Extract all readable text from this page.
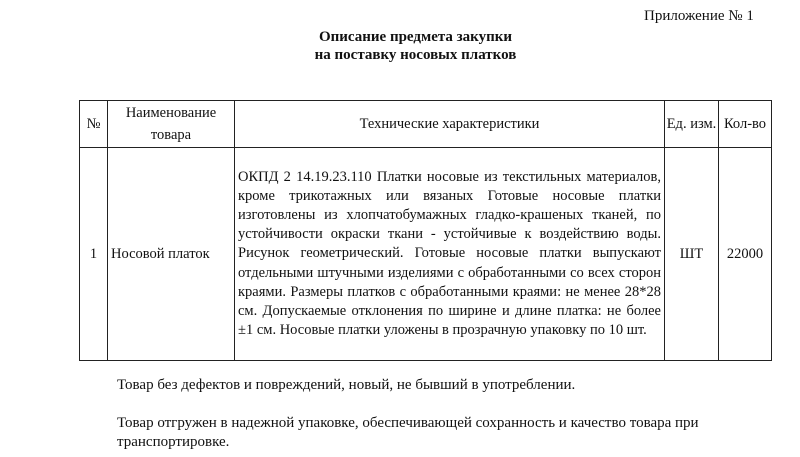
Приложение № 1
Описание предмета закупки
на поставку носовых платков
№	Наименование товара	Технические характеристики	Ед. изм.	Кол-во
1	Носовой платок	ОКПД 2 14.19.23.110 Платки носовые из текстильных материалов, кроме трикотажных или вязаных Готовые носовые платки изготовлены из хлопчатобумажных гладко-крашеных тканей, по устойчивости окраски ткани - устойчивые к воздействию воды. Рисунок геометрический. Готовые носовые платки выпускают отдельными штучными изделиями с обработанными со всех сторон краями. Размеры платков с обработанными краями: не менее 28*28 см. Допускаемые отклонения по ширине и длине платка: не более ±1 см. Носовые платки уложены в прозрачную упаковку по 10 шт.	ШТ	22000
Товар без дефектов и повреждений, новый, не бывший в употреблении.
Товар отгружен в надежной упаковке, обеспечивающей сохранность и качество товара при транспортировке.
